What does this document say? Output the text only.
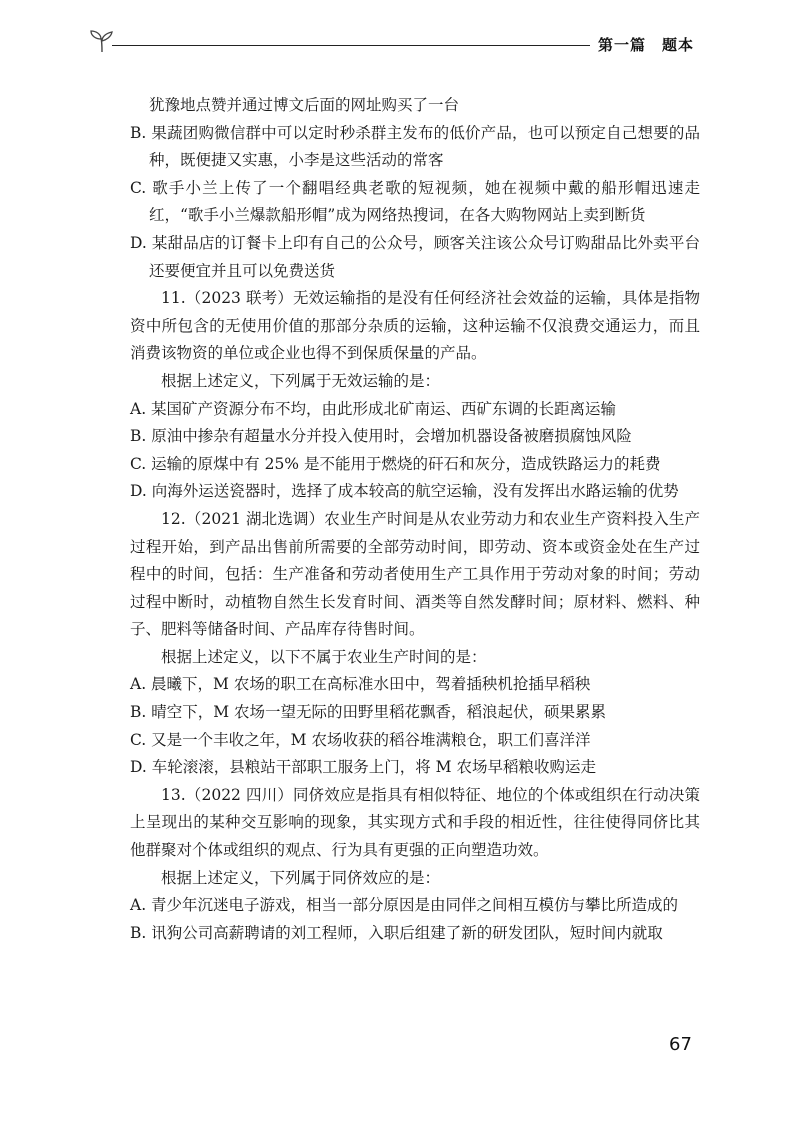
第一篇　题本

犹豫地点赞并通过博文后面的网址购买了一台

B. 果蔬团购微信群中可以定时秒杀群主发布的低价产品，也可以预定自己想要的品种，既便捷又实惠，小李是这些活动的常客

C. 歌手小兰上传了一个翻唱经典老歌的短视频，她在视频中戴的船形帽迅速走红，“歌手小兰爆款船形帽”成为网络热搜词，在各大购物网站上卖到断货

D. 某甜品店的订餐卡上印有自己的公众号，顾客关注该公众号订购甜品比外卖平台还要便宜并且可以免费送货

11.（2023 联考）无效运输指的是没有任何经济社会效益的运输，具体是指物资中所包含的无使用价值的那部分杂质的运输，这种运输不仅浪费交通运力，而且消费该物资的单位或企业也得不到保质保量的产品。

根据上述定义，下列属于无效运输的是：

A. 某国矿产资源分布不均，由此形成北矿南运、西矿东调的长距离运输

B. 原油中掺杂有超量水分并投入使用时，会增加机器设备被磨损腐蚀风险

C. 运输的原煤中有 25% 是不能用于燃烧的矸石和灰分，造成铁路运力的耗费

D. 向海外运送瓷器时，选择了成本较高的航空运输，没有发挥出水路运输的优势

12.（2021 湖北选调）农业生产时间是从农业劳动力和农业生产资料投入生产过程开始，到产品出售前所需要的全部劳动时间，即劳动、资本或资金处在生产过程中的时间，包括：生产准备和劳动者使用生产工具作用于劳动对象的时间；劳动过程中断时，动植物自然生长发育时间、酒类等自然发酵时间；原材料、燃料、种子、肥料等储备时间、产品库存待售时间。

根据上述定义，以下不属于农业生产时间的是：

A. 晨曦下，M 农场的职工在高标准水田中，驾着插秧机抢插早稻秧

B. 晴空下，M 农场一望无际的田野里稻花飘香，稻浪起伏，硕果累累

C. 又是一个丰收之年，M 农场收获的稻谷堆满粮仓，职工们喜洋洋

D. 车轮滚滚，县粮站干部职工服务上门，将 M 农场早稻粮收购运走

13.（2022 四川）同侪效应是指具有相似特征、地位的个体或组织在行动决策上呈现出的某种交互影响的现象，其实现方式和手段的相近性，往往使得同侪比其他群聚对个体或组织的观点、行为具有更强的正向塑造功效。

根据上述定义，下列属于同侪效应的是：

A. 青少年沉迷电子游戏，相当一部分原因是由同伴之间相互模仿与攀比所造成的

B. 讯狗公司高薪聘请的刘工程师，入职后组建了新的研发团队，短时间内就取

67
